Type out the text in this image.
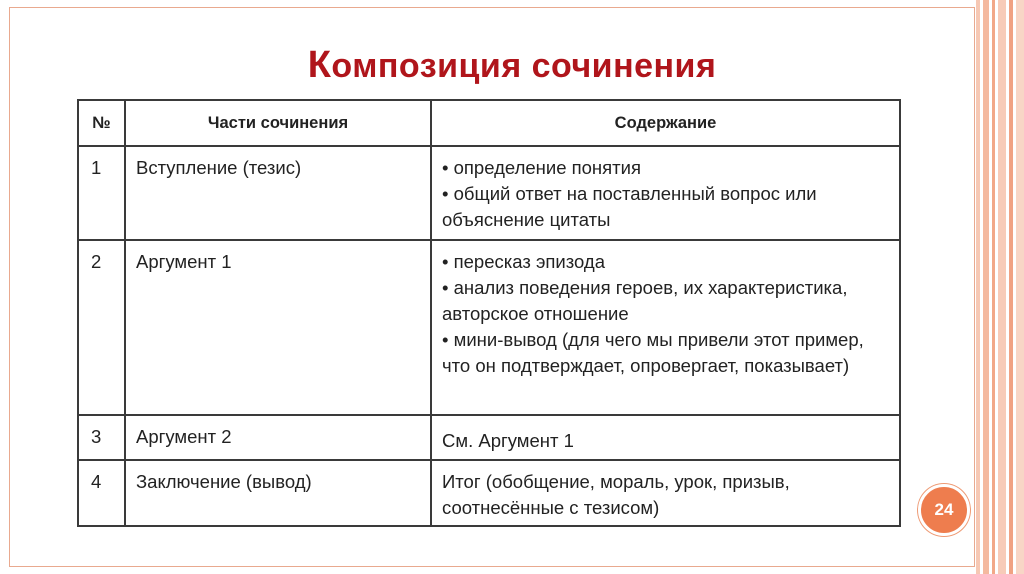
Композиция сочинения
№	Части сочинения	Содержание
1	Вступление (тезис)	• определение понятия
• общий ответ на поставленный вопрос или объяснение цитаты

2	Аргумент 1	• пересказ эпизода
• анализ поведения героев, их характеристика, авторское отношение
• мини-вывод (для чего мы привели этот пример, что он подтверждает, опровергает, показывает)

3	Аргумент 2	См. Аргумент 1

4	Заключение (вывод)	Итог (обобщение, мораль, урок, призыв, соотнесённые с тезисом)	24
